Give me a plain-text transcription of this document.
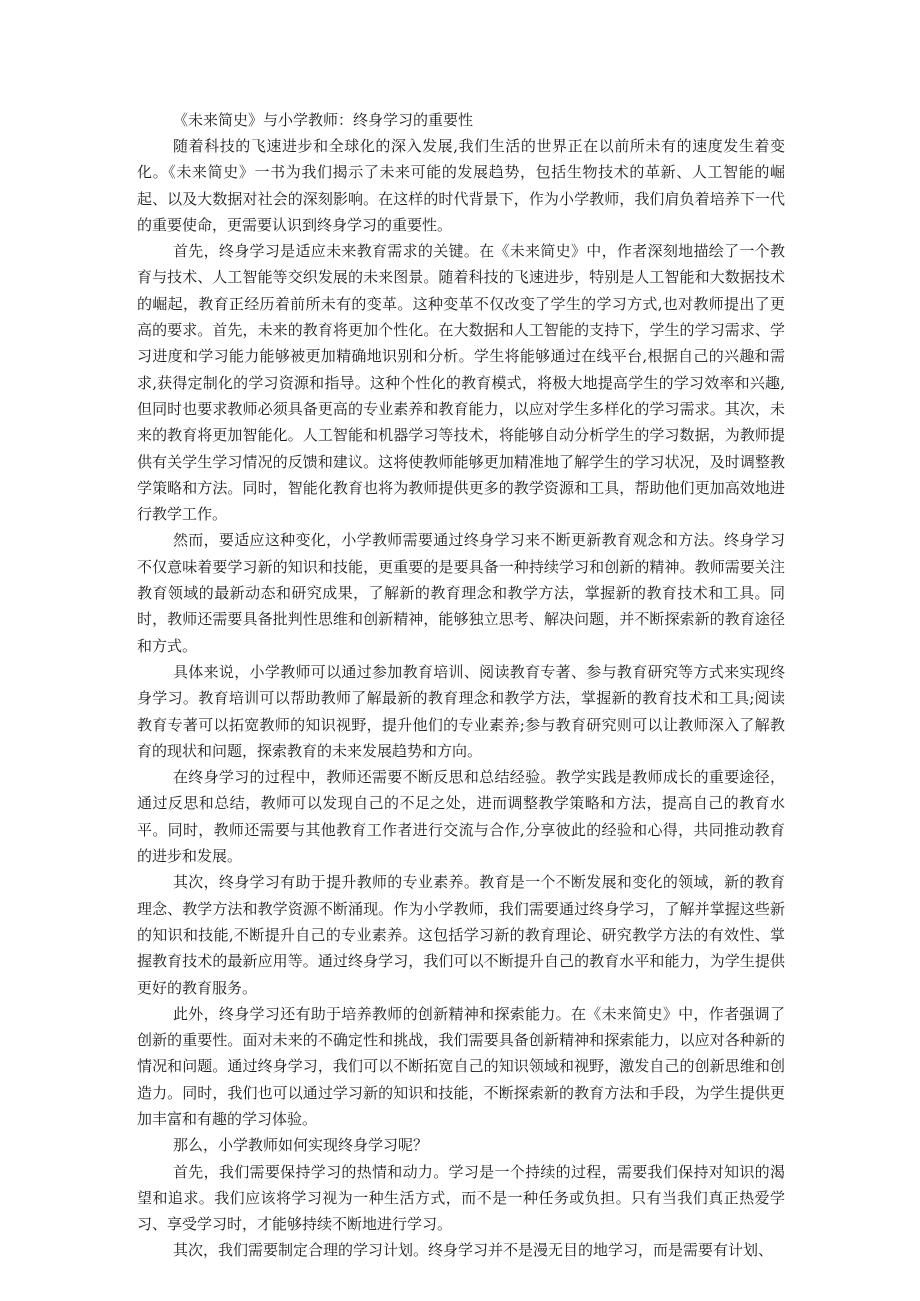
《未来简史》与小学教师：终身学习的重要性

随着科技的飞速进步和全球化的深入发展,我们生活的世界正在以前所未有的速度发生着变化。《未来简史》一书为我们揭示了未来可能的发展趋势，包括生物技术的革新、人工智能的崛起、以及大数据对社会的深刻影响。在这样的时代背景下，作为小学教师，我们肩负着培养下一代的重要使命，更需要认识到终身学习的重要性。

首先，终身学习是适应未来教育需求的关键。在《未来简史》中，作者深刻地描绘了一个教育与技术、人工智能等交织发展的未来图景。随着科技的飞速进步，特别是人工智能和大数据技术的崛起，教育正经历着前所未有的变革。这种变革不仅改变了学生的学习方式,也对教师提出了更高的要求。首先，未来的教育将更加个性化。在大数据和人工智能的支持下，学生的学习需求、学习进度和学习能力能够被更加精确地识别和分析。学生将能够通过在线平台,根据自己的兴趣和需求,获得定制化的学习资源和指导。这种个性化的教育模式，将极大地提高学生的学习效率和兴趣,但同时也要求教师必须具备更高的专业素养和教育能力，以应对学生多样化的学习需求。其次，未来的教育将更加智能化。人工智能和机器学习等技术，将能够自动分析学生的学习数据，为教师提供有关学生学习情况的反馈和建议。这将使教师能够更加精准地了解学生的学习状况，及时调整教学策略和方法。同时，智能化教育也将为教师提供更多的教学资源和工具，帮助他们更加高效地进行教学工作。

然而，要适应这种变化，小学教师需要通过终身学习来不断更新教育观念和方法。终身学习不仅意味着要学习新的知识和技能，更重要的是要具备一种持续学习和创新的精神。教师需要关注教育领域的最新动态和研究成果，了解新的教育理念和教学方法，掌握新的教育技术和工具。同时，教师还需要具备批判性思维和创新精神，能够独立思考、解决问题，并不断探索新的教育途径和方式。

具体来说，小学教师可以通过参加教育培训、阅读教育专著、参与教育研究等方式来实现终身学习。教育培训可以帮助教师了解最新的教育理念和教学方法，掌握新的教育技术和工具;阅读教育专著可以拓宽教师的知识视野，提升他们的专业素养;参与教育研究则可以让教师深入了解教育的现状和问题，探索教育的未来发展趋势和方向。

在终身学习的过程中，教师还需要不断反思和总结经验。教学实践是教师成长的重要途径，通过反思和总结，教师可以发现自己的不足之处，进而调整教学策略和方法，提高自己的教育水平。同时，教师还需要与其他教育工作者进行交流与合作,分享彼此的经验和心得，共同推动教育的进步和发展。

其次，终身学习有助于提升教师的专业素养。教育是一个不断发展和变化的领域，新的教育理念、教学方法和教学资源不断涌现。作为小学教师，我们需要通过终身学习，了解并掌握这些新的知识和技能,不断提升自己的专业素养。这包括学习新的教育理论、研究教学方法的有效性、掌握教育技术的最新应用等。通过终身学习，我们可以不断提升自己的教育水平和能力，为学生提供更好的教育服务。

此外，终身学习还有助于培养教师的创新精神和探索能力。在《未来简史》中，作者强调了创新的重要性。面对未来的不确定性和挑战，我们需要具备创新精神和探索能力，以应对各种新的情况和问题。通过终身学习，我们可以不断拓宽自己的知识领域和视野，激发自己的创新思维和创造力。同时，我们也可以通过学习新的知识和技能，不断探索新的教育方法和手段，为学生提供更加丰富和有趣的学习体验。

那么，小学教师如何实现终身学习呢？

首先，我们需要保持学习的热情和动力。学习是一个持续的过程，需要我们保持对知识的渴望和追求。我们应该将学习视为一种生活方式，而不是一种任务或负担。只有当我们真正热爱学习、享受学习时，才能够持续不断地进行学习。

其次，我们需要制定合理的学习计划。终身学习并不是漫无目的地学习，而是需要有计划、
